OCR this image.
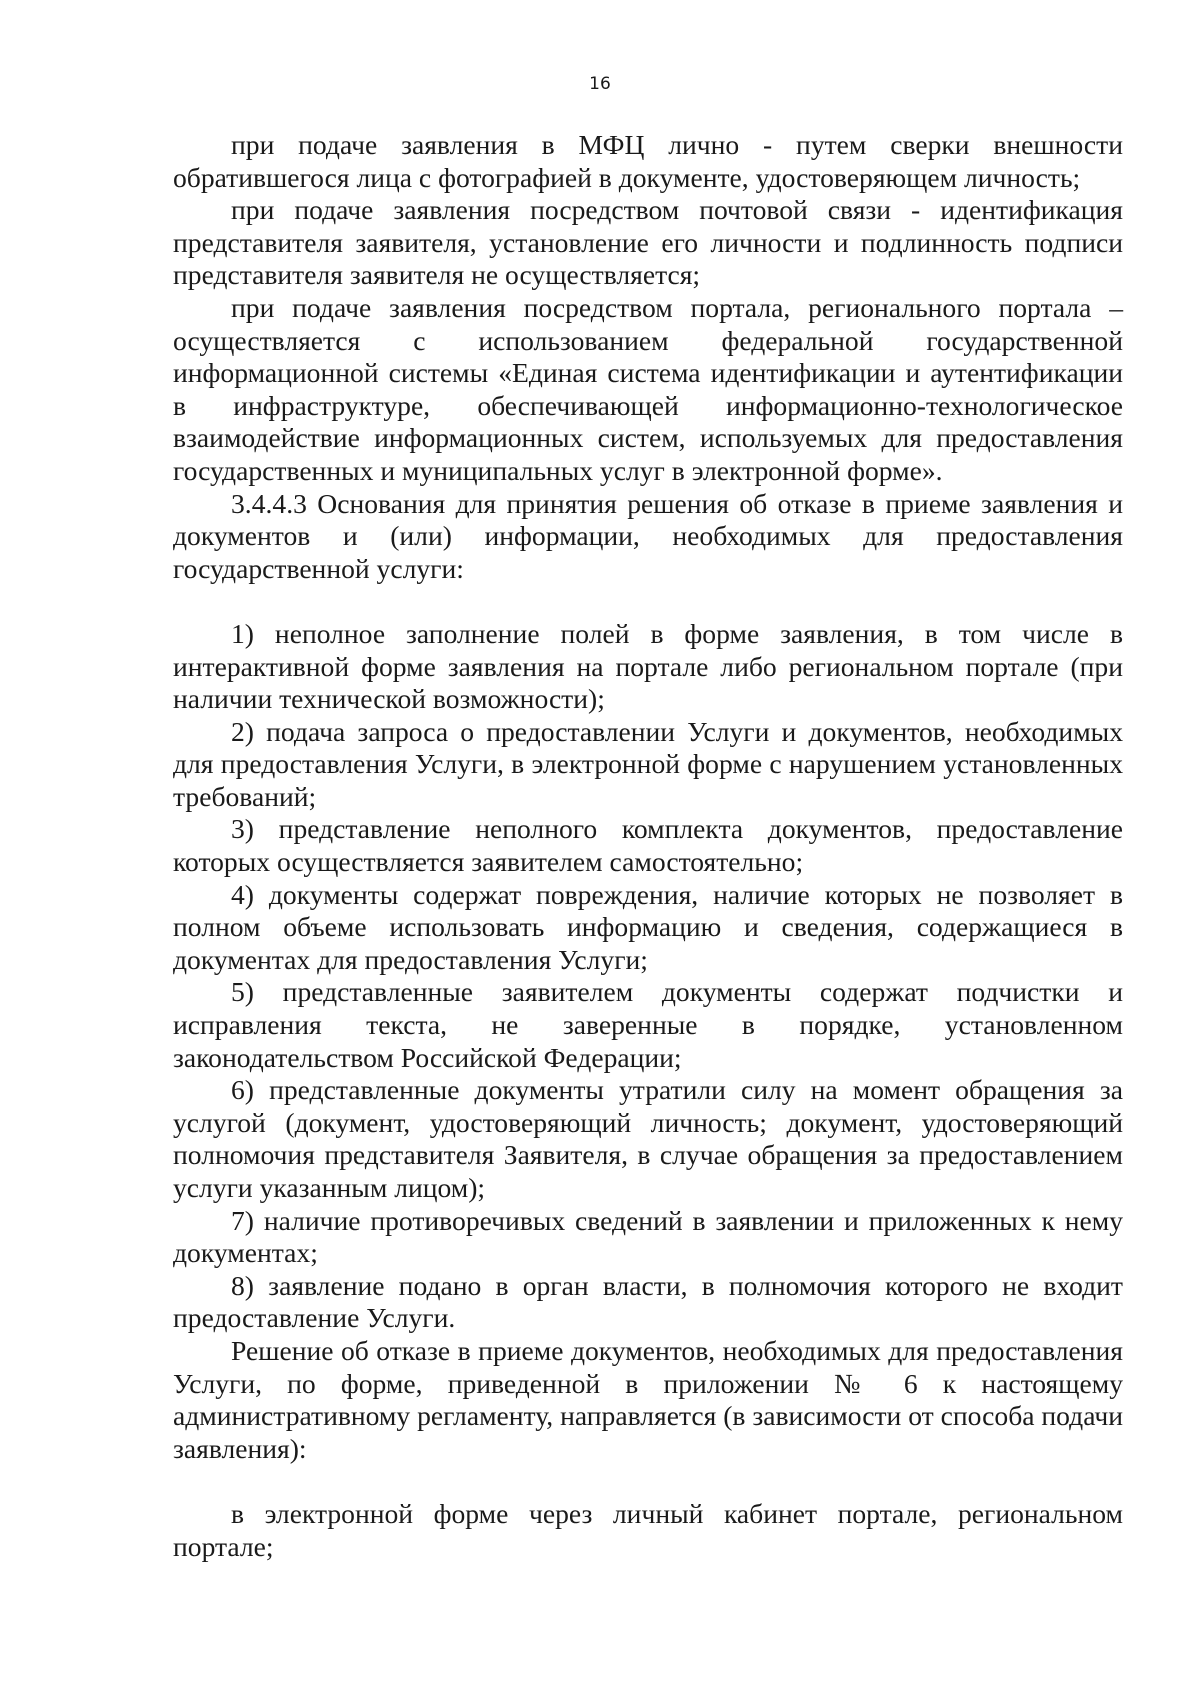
16

при подаче заявления в МФЦ лично - путем сверки внешности обратившегося лица с фотографией в документе, удостоверяющем личность;

при подаче заявления посредством почтовой связи - идентификация представителя заявителя, установление его личности и подлинность подписи представителя заявителя не осуществляется;

при подаче заявления посредством портала, регионального портала – осуществляется с использованием федеральной государственной информационной системы «Единая система идентификации и аутентификации в инфраструктуре, обеспечивающей информационно-технологическое взаимодействие информационных систем, используемых для предоставления государственных и муниципальных услуг в электронной форме».

3.4.4.3 Основания для принятия решения об отказе в приеме заявления и документов и (или) информации, необходимых для предоставления государственной услуги:

1) неполное заполнение полей в форме заявления, в том числе в интерактивной форме заявления на портале либо региональном портале (при наличии технической возможности);

2) подача запроса о предоставлении Услуги и документов, необходимых для предоставления Услуги, в электронной форме с нарушением установленных требований;

3) представление неполного комплекта документов, предоставление которых осуществляется заявителем самостоятельно;

4) документы содержат повреждения, наличие которых не позволяет в полном объеме использовать информацию и сведения, содержащиеся в документах для предоставления Услуги;

5) представленные заявителем документы содержат подчистки и исправления текста, не заверенные в порядке, установленном законодательством Российской Федерации;

6) представленные документы утратили силу на момент обращения за услугой (документ, удостоверяющий личность; документ, удостоверяющий полномочия представителя Заявителя, в случае обращения за предоставлением услуги указанным лицом);

7) наличие противоречивых сведений в заявлении и приложенных к нему документах;

8) заявление подано в орган власти, в полномочия которого не входит предоставление Услуги.

Решение об отказе в приеме документов, необходимых для предоставления Услуги, по форме, приведенной в приложении № 6 к настоящему административному регламенту, направляется (в зависимости от способа подачи заявления):

в электронной форме через личный кабинет портале, региональном портале;
